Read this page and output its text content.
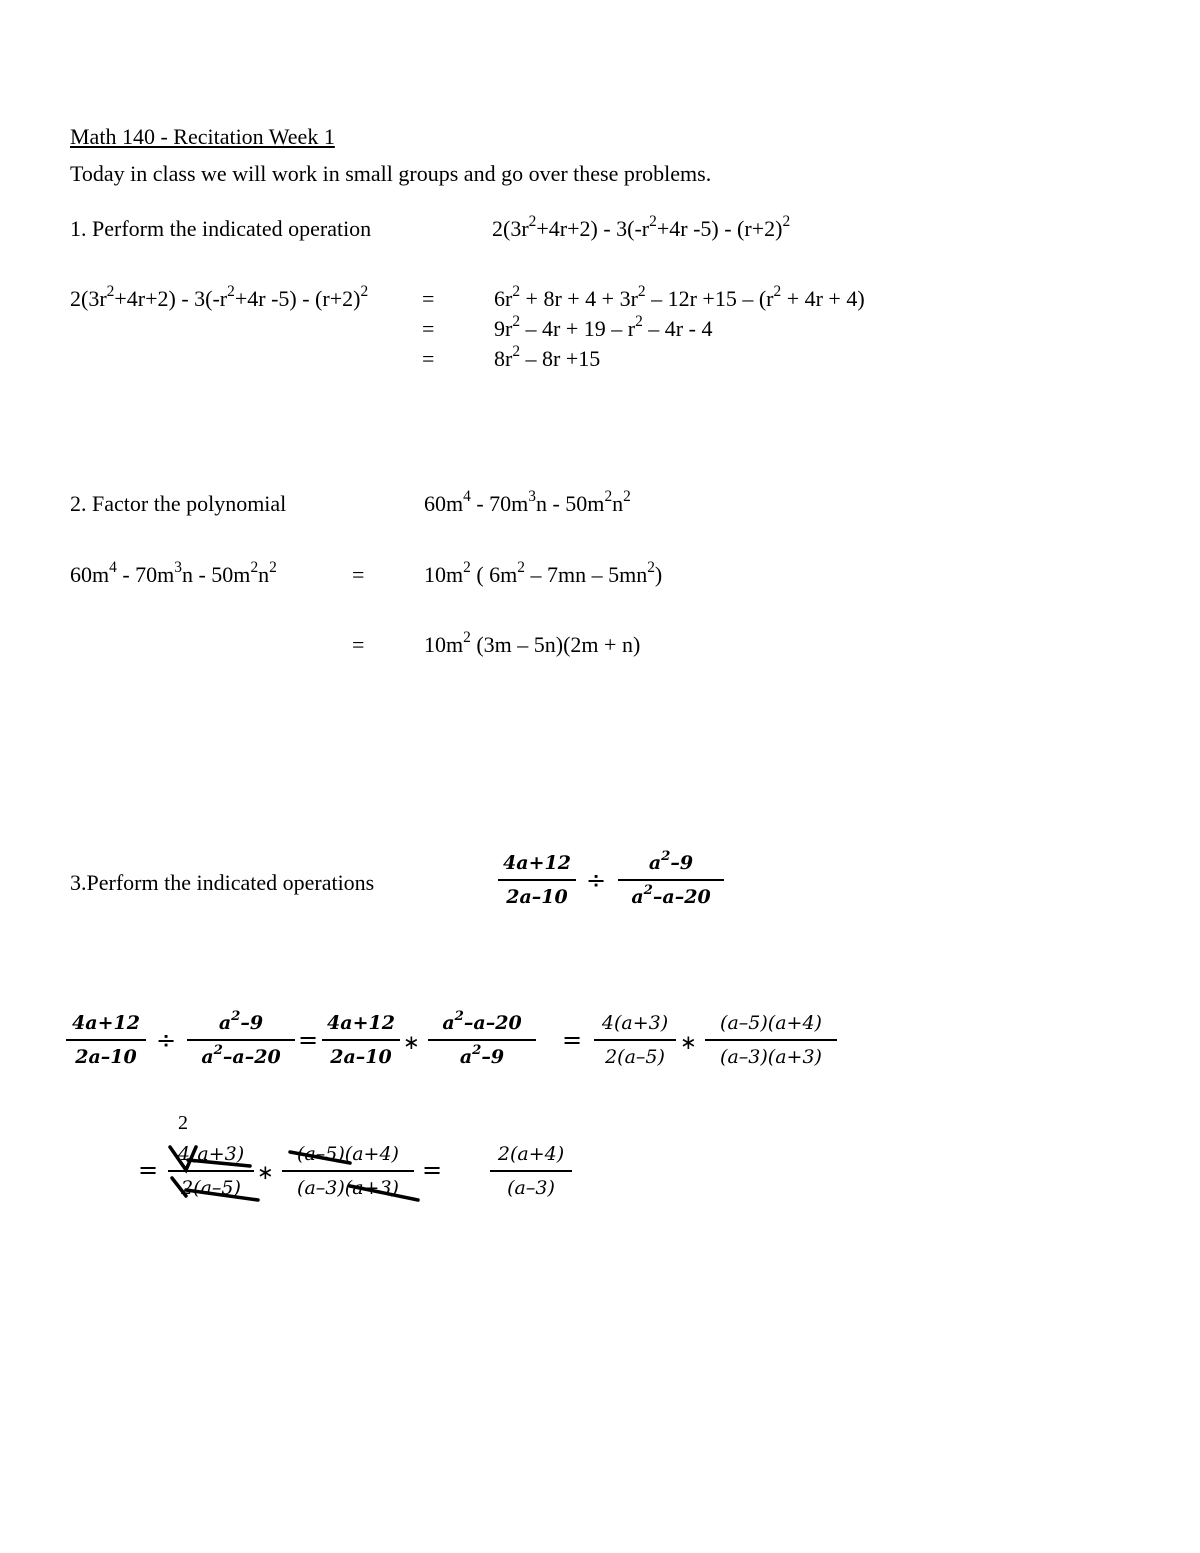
Math 140 - Recitation Week 1
Today in class we will work in small groups and go over these problems.
1. Perform the indicated operation	$2(3r^2+4r+2) - 3(-r^2+4r$ $-5) - (r+2)^2$
$2(3r^2+4r+2) - 3(-r^2+4r$ $-5) - (r+2)^2$ =	$6r^2 + 8r + 4 + 3r^2 - 12r +15 - (r^2 + 4r + 4)$
=	$9r^2 - 4r + 19 - r^2 - 4r - 4$
=	$8r^2 - 8r +15$
2. Factor the polynomial	$60m^4 - 70m^3n - 50m^2n^2$
$60m^4 - 70m^3n - 50m^2n^2$	=	$10m^2$ ( $6m^2 - 7mn - 5mn^2$)
=	$10m^2$ (3m – 5n)(2m + n)
3.Perform the indicated operations
4a+12
2a–10
÷
$a^2-9$
$a^2-a-20$
4a+12
2a–10
÷
$a^2-9$
$a^2-a-20$
=
4a+12
2a–10
∗
$a^2-a-20$
$a^2-9$
=
4(a+3)
2(a–5)
∗
(a–5)(a+4)
(a–3)(a+3)
2
=
4(a+3)
2(a–5)
∗
(a–5)(a+4)
(a–3)(a+3)
=
2(a+4)
(a–3)
